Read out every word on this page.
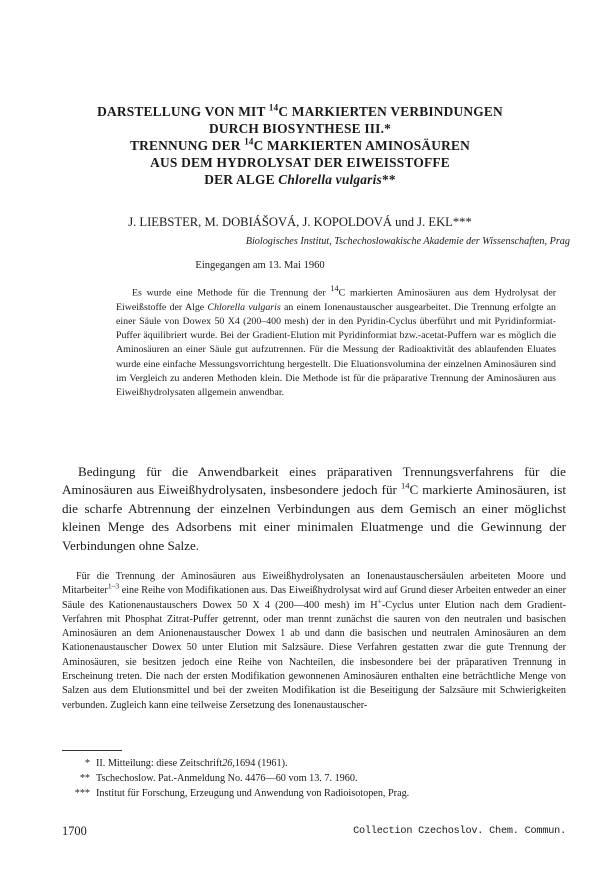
DARSTELLUNG VON MIT $^{14}$C MARKIERTEN VERBINDUNGEN
DURCH BIOSYNTHESE III.*
TRENNUNG DER $^{14}$C MARKIERTEN AMINOSÄUREN
AUS DEM HYDROLYSAT DER EIWEISSTOFFE
DER ALGE Chlorella vulgaris**
J. LIEBSTER, M. DOBIÁŠOVÁ, J. KOPOLDOVÁ und J. EKL***
Biologisches Institut, Tschechoslowakische Akademie der Wissenschaften, Prag
Eingegangen am 13. Mai 1960
Es wurde eine Methode für die Trennung der $^{14}$C markierten Aminosäuren aus dem Hydrolysat der Eiweißstoffe der Alge Chlorella vulgaris an einem Ionenaustauscher ausgearbeitet. Die Trennung erfolgte an einer Säule von Dowex 50 X4 (200–400 mesh) der in den Pyridin-Cyclus überführt und mit Pyridinformiat-Puffer äquilibriert wurde. Bei der Gradient-Elution mit Pyridinformiat bzw.-acetat-Puffern war es möglich die Aminosäuren an einer Säule gut aufzutrennen. Für die Messung der Radioaktivität des ablaufenden Eluates wurde eine einfache Messungsvorrichtung hergestellt. Die Eluationsvolumina der einzelnen Aminosäuren sind im Vergleich zu anderen Methoden klein. Die Methode ist für die präparative Trennung der Aminosäuren aus Eiweißhydrolysaten allgemein anwendbar.
Bedingung für die Anwendbarkeit eines präparativen Trennungsverfahrens für die Aminosäuren aus Eiweißhydrolysaten, insbesondere jedoch für $^{14}$C markierte Aminosäuren, ist die scharfe Abtrennung der einzelnen Verbindungen aus dem Gemisch an einer möglichst kleinen Menge des Adsorbens mit einer minimalen Eluatmenge und die Gewinnung der Verbindungen ohne Salze.
Für die Trennung der Aminosäuren aus Eiweißhydrolysaten an Ionenaustauschersäulen arbeiteten Moore und Mitarbeiter$^{1-3}$ eine Reihe von Modifikationen aus. Das Eiweißhydrolysat wird auf Grund dieser Arbeiten entweder an einer Säule des Kationenaustauschers Dowex 50 X 4 (200—400 mesh) im H+-Cyclus unter Elution nach dem Gradient-Verfahren mit Phosphat Zitrat-Puffer getrennt, oder man trennt zunächst die sauren von den neutralen und basischen Aminosäuren an dem Anionenaustauscher Dowex 1 ab und dann die basischen und neutralen Aminosäuren an dem Kationenaustauscher Dowex 50 unter Elution mit Salzsäure. Diese Verfahren gestatten zwar die gute Trennung der Aminosäuren, sie besitzen jedoch eine Reihe von Nachteilen, die insbesondere bei der präparativen Trennung in Erscheinung treten. Die nach der ersten Modifikation gewonnenen Aminosäuren enthalten eine beträchtliche Menge von Salzen aus dem Elutionsmittel und bei der zweiten Modifikation ist die Beseitigung der Salzsäure mit Schwierigkeiten verbunden. Zugleich kann eine teilweise Zersetzung des Ionenaustauscher-
* II. Mitteilung: diese Zeitschrift 26, 1694 (1961).
** Tschechoslow. Pat.-Anmeldung No. 4476—60 vom 13. 7. 1960.
*** Institut für Forschung, Erzeugung und Anwendung von Radioisotopen, Prag.
1700	Collection Czechoslov. Chem. Commun.
